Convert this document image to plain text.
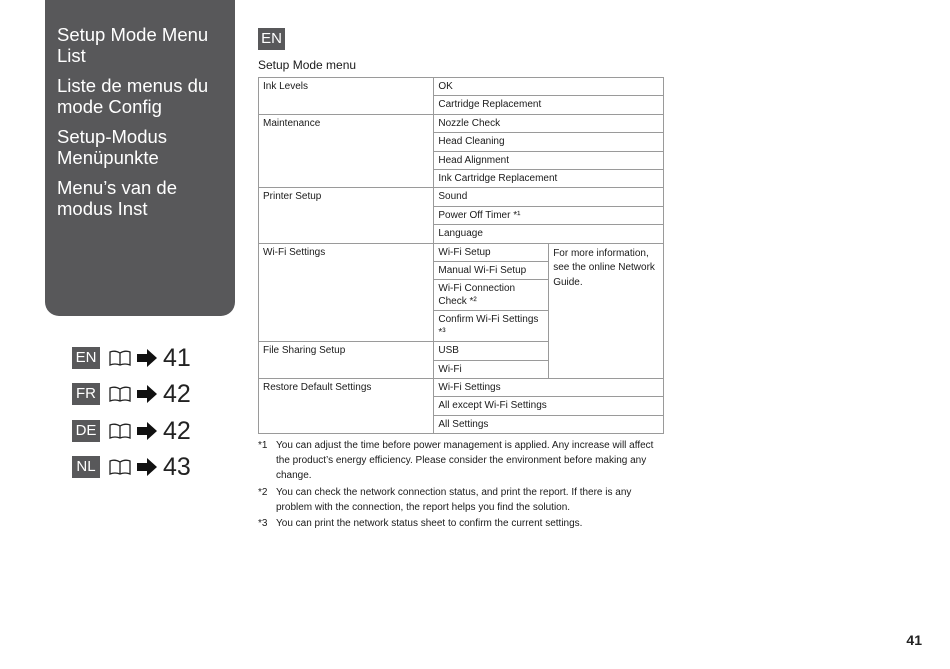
Setup Mode Menu List
Liste de menus du mode Config
Setup-Modus Menüpunkte
Menu’s van de modus Inst
EN	41
FR	42
DE	42
NL	43
EN
Setup Mode menu
Ink Levels	OK	
	Cartridge Replacement	
Maintenance	Nozzle Check	
	Head Cleaning	
	Head Alignment	
	Ink Cartridge Replacement	
Printer Setup	Sound	
	Power Off Timer *¹	
	Language	
Wi-Fi Settings	Wi-Fi Setup	For more information, see the online Network Guide.
	Manual Wi-Fi Setup	
	Wi-Fi Connection Check *²	
	Confirm Wi-Fi Settings *³	
File Sharing Setup	USB	
	Wi-Fi	
Restore Default Settings	Wi-Fi Settings	
	All except Wi-Fi Settings	
	All Settings	
*1 You can adjust the time before power management is applied. Any increase will affect the product’s energy efficiency. Please consider the environment before making any change.
*2 You can check the network connection status, and print the report. If there is any problem with the connection, the report helps you find the solution.
*3 You can print the network status sheet to confirm the current settings.
41
